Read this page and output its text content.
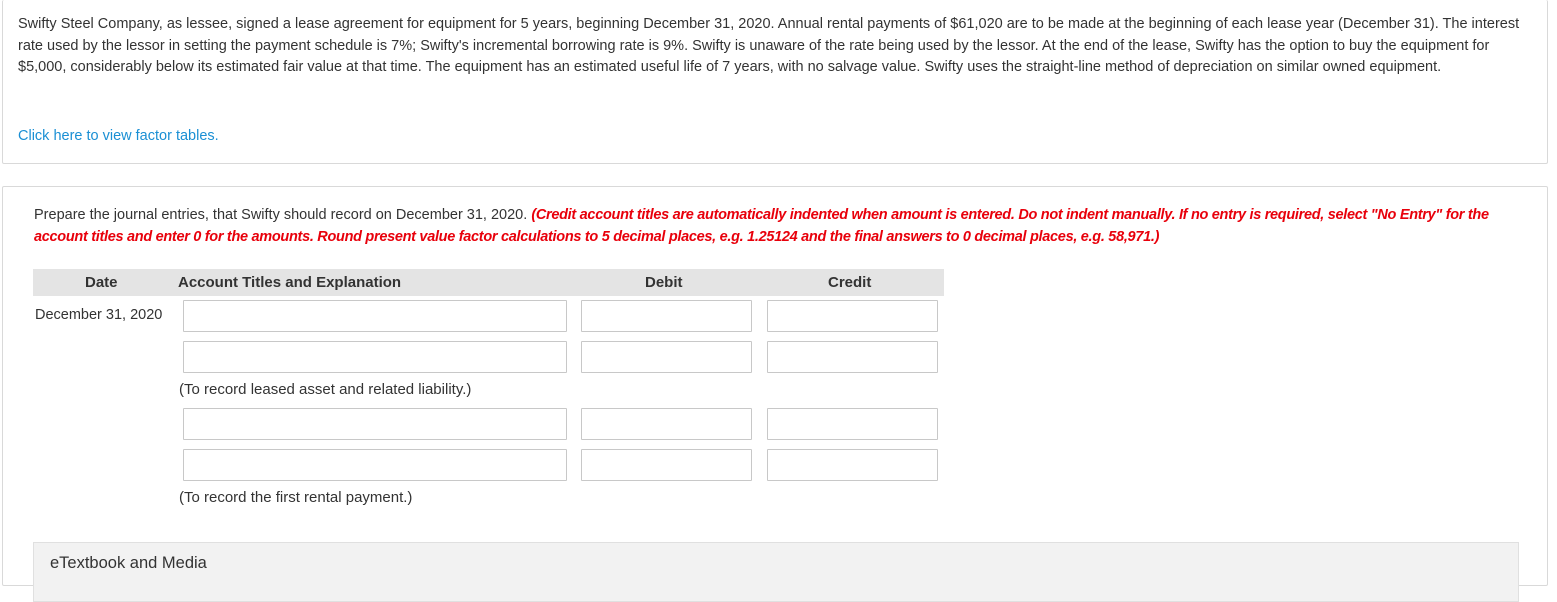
Swifty Steel Company, as lessee, signed a lease agreement for equipment for 5 years, beginning December 31, 2020. Annual rental payments of $61,020 are to be made at the beginning of each lease year (December 31). The interest rate used by the lessor in setting the payment schedule is 7%; Swifty's incremental borrowing rate is 9%. Swifty is unaware of the rate being used by the lessor. At the end of the lease, Swifty has the option to buy the equipment for $5,000, considerably below its estimated fair value at that time. The equipment has an estimated useful life of 7 years, with no salvage value. Swifty uses the straight-line method of depreciation on similar owned equipment.
Click here to view factor tables.
Prepare the journal entries, that Swifty should record on December 31, 2020. (Credit account titles are automatically indented when amount is entered. Do not indent manually. If no entry is required, select "No Entry" for the account titles and enter 0 for the amounts. Round present value factor calculations to 5 decimal places, e.g. 1.25124 and the final answers to 0 decimal places, e.g. 58,971.)
Date	Account Titles and Explanation	Debit	Credit
December 31, 2020
(To record leased asset and related liability.)
(To record the first rental payment.)
eTextbook and Media
